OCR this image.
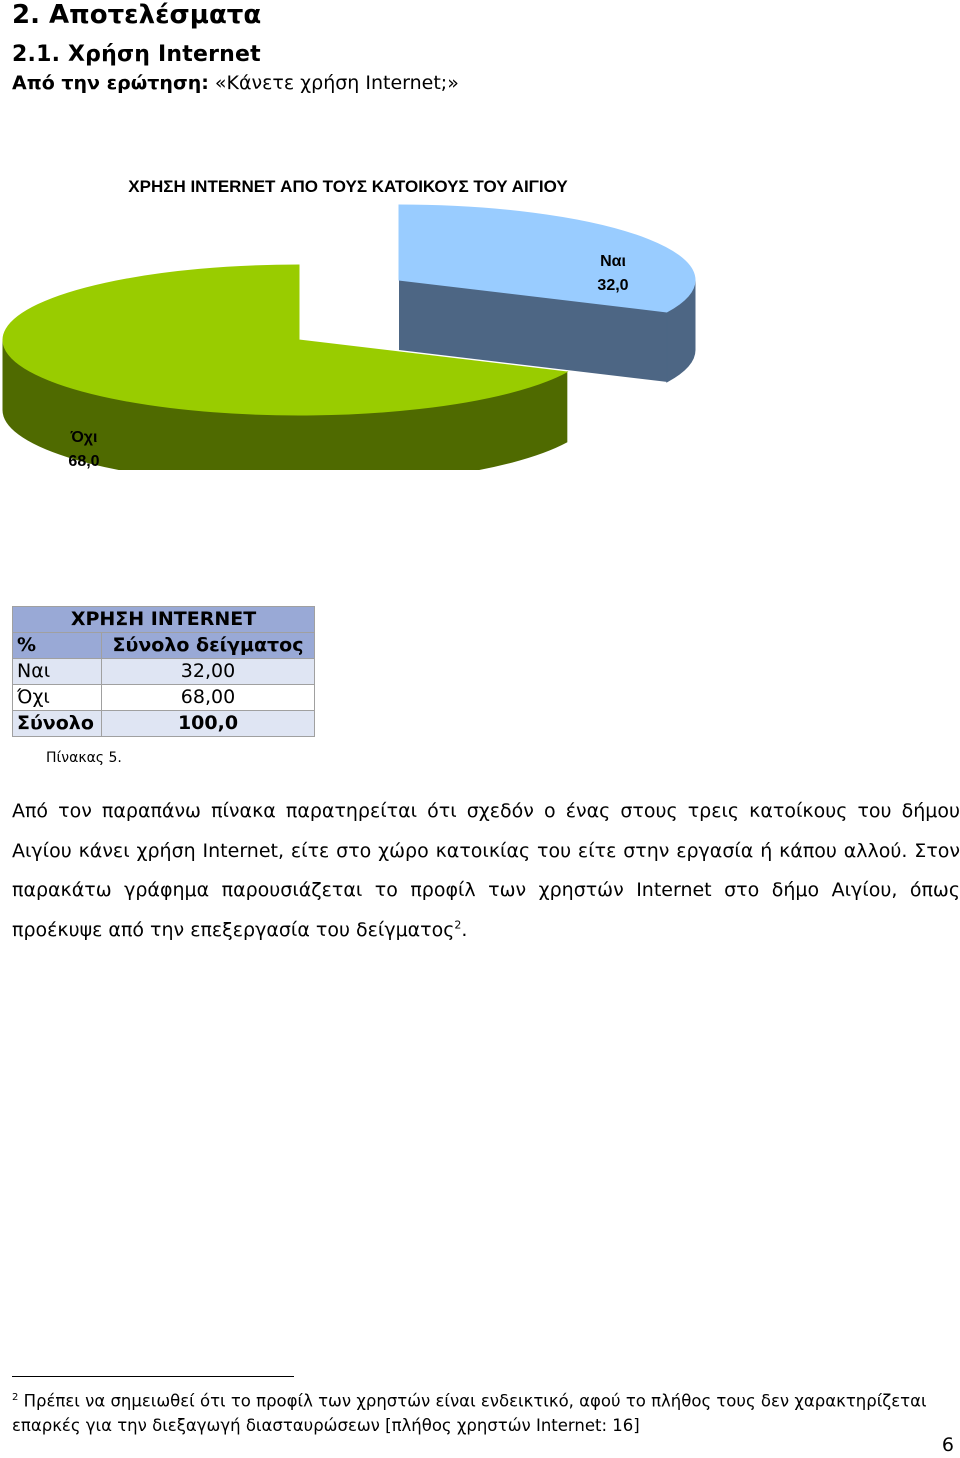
2. Αποτελέσματα
2.1. Χρήση Internet
Από την ερώτηση: «Κάνετε χρήση Internet;»
ΧΡΗΣΗ INTERNET ΑΠΟ ΤΟΥΣ ΚΑΤΟΙΚΟΥΣ ΤΟΥ ΑΙΓΙΟΥ
Ναι
32,0
Όχι
68,0
ΧΡΗΣΗ INTERNET	
%	Σύνολο δείγματος
Ναι	32,00
Όχι	68,00
Σύνολο	100,0
Πίνακας 5.
Από τον παραπάνω πίνακα παρατηρείται ότι σχεδόν ο ένας στους τρεις κατοίκους του δήμου Αιγίου κάνει χρήση Internet, είτε στο χώρο κατοικίας του είτε στην εργασία ή κάπου αλλού. Στον παρακάτω γράφημα παρουσιάζεται το προφίλ των χρηστών Internet στο δήμο Αιγίου, όπως προέκυψε από την επεξεργασία του δείγματος$^2$.
$^2$ Πρέπει να σημειωθεί ότι το προφίλ των χρηστών είναι ενδεικτικό, αφού το πλήθος τους δεν χαρακτηρίζεται επαρκές για την διεξαγωγή διασταυρώσεων [πλήθος χρηστών Internet: 16]
6
